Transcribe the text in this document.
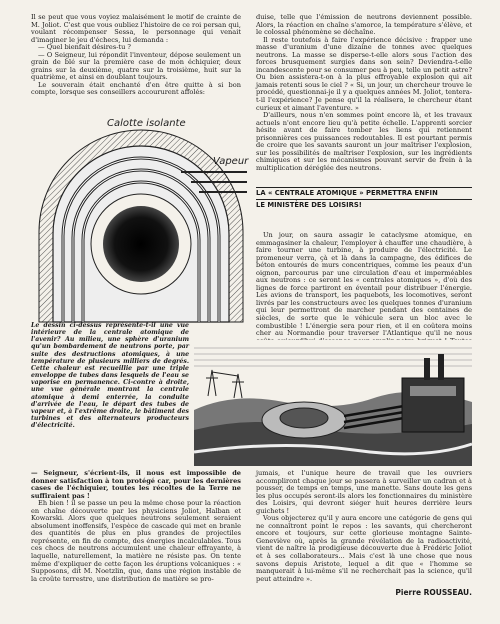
Il se peut que vous voyiez malaisément le motif de crainte de M. Joliot. C'est que vous oubliez l'histoire de ce roi persan qui, voulant récompenser Sessa, le personnage qui venait d'imaginer le jeu d'échecs, lui demanda :

— Quel bienfait désires-tu ?

— O Seigneur, lui répondit l'inventeur, dépose seulement un grain de blé sur la première case de mon échiquier, deux grains sur la deuxième, quatre sur la troisième, huit sur la quatrième, et ainsi en doublant toujours.

Le souverain était enchanté d'en être quitte à si bon compte, lorsque ses conseillers accoururent affolés:

Calotte isolante
Vapeur
Le dessin ci-dessus représente-t-il une vue intérieure de la centrale atomique de l'avenir? Au milieu, une sphère d'uranium qu'un bombardement de neutrons porte, par suite des destructions atomiques, à une température de plusieurs milliers de degrés. Cette chaleur est recueillie par une triple enveloppe de tubes dans lesquels de l'eau se vaporise en permanence. Ci-contre à droite, une vue générale montrant la centrale atomique à demi enterrée, la conduite d'arrivée de l'eau, le départ des tubes de vapeur et, à l'extrême droite, le bâtiment des turbines et des alternateurs producteurs d'électricité.

duise, telle que l'émission de neutrons deviennent possible. Alors, la réaction en chaîne s'amorce, la température s'élève, et le colossal phénomène se déchaîne.

Il reste toutefois à faire l'expérience décisive : frapper une masse d'uranium d'une dizaine de tonnes avec quelques neutrons. La masse se disperse-t-elle alors sous l'action des forces brusquement surgies dans son sein? Deviendra-t-elle incandescente pour se consumer peu à peu, telle un petit astre? Ou bien assistera-t-on à la plus effroyable explosion qui ait jamais retenti sous le ciel ? « Si, un jour, un chercheur trouve le procédé, questionnai-je il y a quelques années M. Joliot, tentera-t-il l'expérience? Je pense qu'il la réalisera, le chercheur étant curieux et aimant l'aventure. »

D'ailleurs, nous n'en sommes point encore là, et les travaux actuels n'ont encore lieu qu'à petite échelle. L'apprenti sorcier hésite avant de faire tomber les liens qui retiennent prisonnières ces puissances redoutables. Il est pourtant permis de croire que les savants sauront un jour maîtriser l'explosion, sur les possibilités de maîtriser l'explosion, sur les ingrédients chimiques et sur les mécanismes pouvant servir de frein à la multiplication déréglée des neutrons.

LA « CENTRALE ATOMIQUE » PERMETTRA ENFIN
LE MINISTÈRE DES LOISIRS!

Un jour, on saura assagir le cataclysme atomique, en emmagasiner la chaleur, l'employer à chauffer une chaudière, à faire tourner une turbine, à produire de l'électricité. Le promeneur verra, çà et là dans la campagne, des édifices de béton entourés de murs concentriques, comme les peaux d'un oignon, parcourus par une circulation d'eau et imperméables aux neutrons : ce seront les « centrales atomiques », d'où des lignes de force partiront en éventail pour distribuer l'énergie. Les avions de transport, les paquebots, les locomotives, seront livrés par les constructeurs avec les quelques tonnes d'uranium qui leur permettront de marcher pendant des centaines de siècles, de sorte que le véhicule sera un bloc avec le combustible ! L'énergie sera pour rien, et il en coûtera moins cher au Normandie pour traverser l'Atlantique qu'il ne nous

— Seigneur, s'écrient-ils, il nous est impossible de donner satisfaction à ton protégé car, pour les dernières cases de l'échiquier, toutes les récoltes de la Terre ne suffiraient pas !

Eh bien ! il se passe un peu la même chose pour la réaction en chaîne découverte par les physiciens Joliot, Halban et Kowarski. Alors que quelques neutrons seulement seraient absolument inoffensifs, l'espèce de cascade qui met en branle des quantités de plus en plus grandes de projectiles représente, en fin de compte, des énergies incalculables. Tous ces chocs de neutrons accumulent une chaleur effrayante, à laquelle, naturellement, la matière ne résiste pas. On tente même d'expliquer de cette façon les éruptions volcaniques : « Supposons, dit M. Noetzlin, que, dans une région instable de la croûte terrestre, une distribution de matière se pro-

jumais, et l'unique heure de travail que les ouvriers accompliront chaque jour se passera à surveiller un cadran et à pousser, de temps en temps, une manette. Sans doute les gens les plus occupés seront-ils alors les fonctionnaires du ministère des Loisirs, qui devront siéger huit heures derrière leurs guichets !

Vous objecterez qu'il y aura encore une catégorie de gens qui ne connaîtront point le repos : les savants, qui chercheront encore et toujours, sur cette glorieuse montagne Sainte-Geneviève où, après la grande révélation de la radioactivité, vient de naître la prodigieuse découverte due à Frédéric Joliot et à ses collaborateurs... Mais c'est là une chose que nous savons depuis Aristote, lequel a dit que « l'homme se manquerait à lui-même s'il ne recherchait pas la science, qu'il peut atteindre ».

Pierre ROUSSEAU.
